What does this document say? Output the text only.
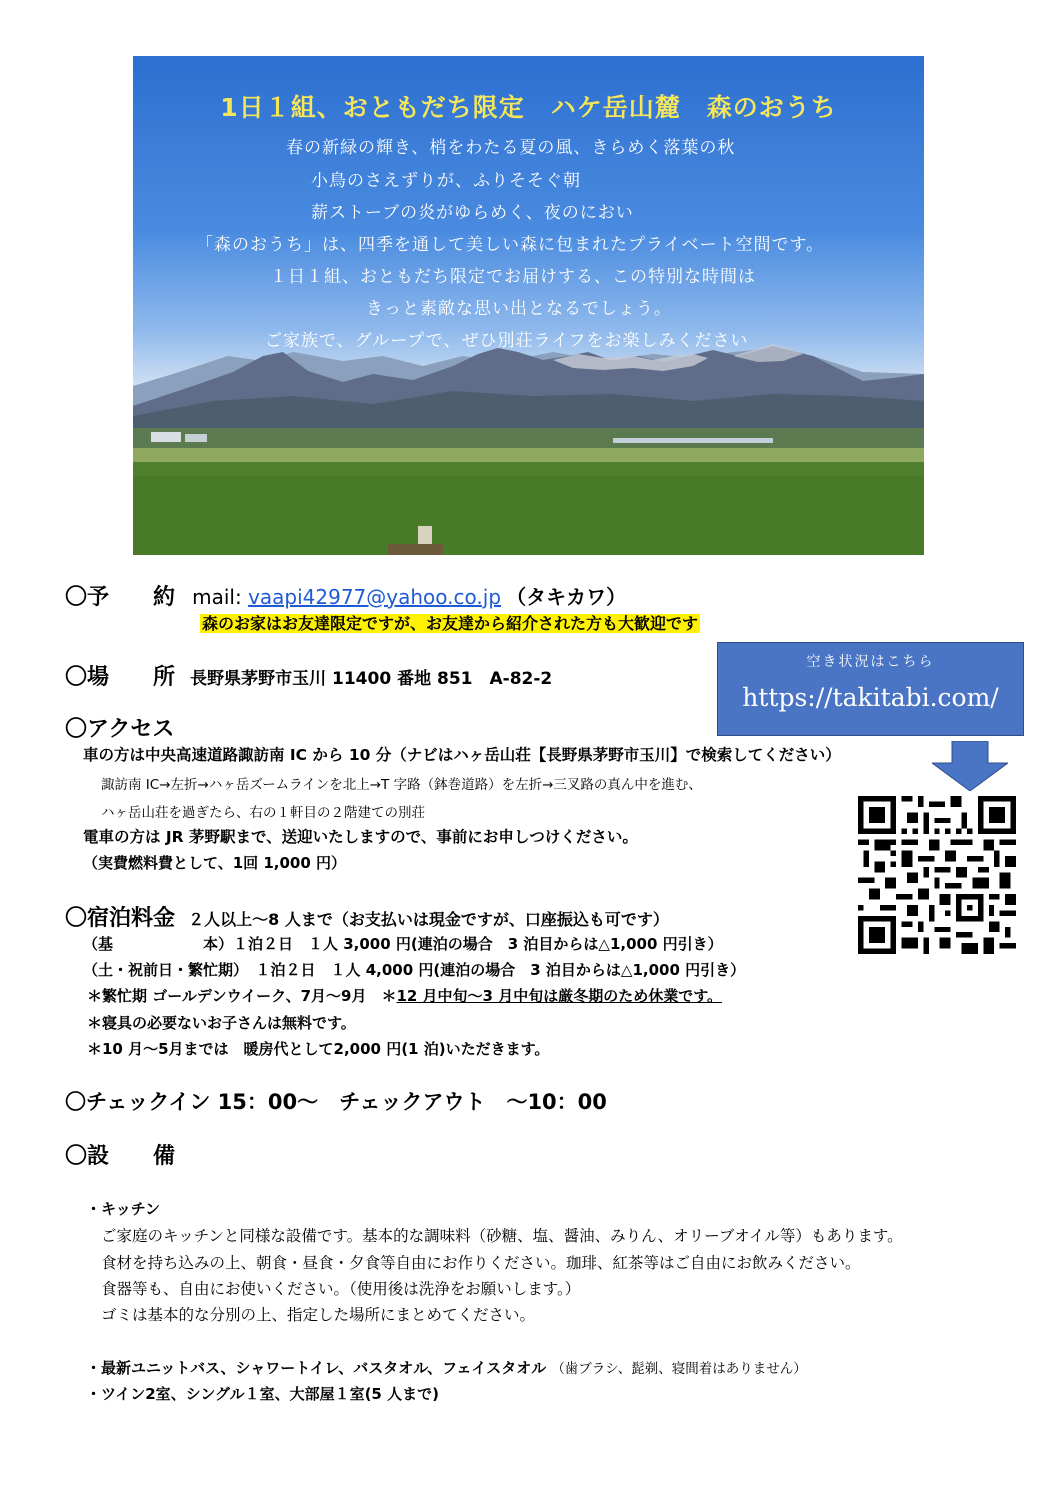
1日１組、おともだち限定　ハケ岳山麓　森のおうち
春の新緑の輝き、梢をわたる夏の風、きらめく落葉の秋
小鳥のさえずりが、ふりそそぐ朝
薪ストーブの炎がゆらめく、夜のにおい
「森のおうち」は、四季を通して美しい森に包まれたプライベート空間です。
１日１組、おともだち限定でお届けする、この特別な時間は
きっと素敵な思い出となるでしょう。
ご家族で、グループで、ぜひ別荘ライフをお楽しみください
〇予　　約 mail: vaapi42977@yahoo.co.jp （タキカワ）
森のお家はお友達限定ですが、お友達から紹介された方も大歓迎です
〇場　　所 長野県茅野市玉川 11400 番地 851　A-82-2
空き状況はこちら
https://takitabi.com/
〇アクセス
車の方は中央高速道路諏訪南 IC から 10 分（ナビはハヶ岳山荘【長野県茅野市玉川】で検索してください）
諏訪南 IC→左折→ハヶ岳ズームラインを北上→T 字路（鉢巻道路）を左折→三叉路の真ん中を進む、
ハヶ岳山荘を過ぎたら、右の１軒目の２階建ての別荘
電車の方は JR 茅野駅まで、送迎いたしますので、事前にお申しつけください。
（実費燃料費として、1回 1,000 円）
〇宿泊料金 ２人以上～8 人まで（お支払いは現金ですが、口座振込も可です）
（基　　　　　　本）１泊２日　１人 3,000 円(連泊の場合　3 泊目からは△1,000 円引き）
（土・祝前日・繁忙期）　１泊２日　１人 4,000 円(連泊の場合　3 泊目からは△1,000 円引き）
＊繁忙期 ゴールデンウイーク、7月～9月　＊12 月中旬～3 月中旬は厳冬期のため休業です。
＊寝具の必要ないお子さんは無料です。
＊10 月～5月までは　暖房代として2,000 円(1 泊)いただきます。
〇チェックイン 15：00～　チェックアウト　～10：00
〇設　　備
・キッチン
ご家庭のキッチンと同様な設備です。基本的な調味料（砂糖、塩、醤油、みりん、オリーブオイル等）もあります。
食材を持ち込みの上、朝食・昼食・夕食等自由にお作りください。珈琲、紅茶等はご自由にお飲みください。
食器等も、自由にお使いください。（使用後は洗浄をお願いします。）
ゴミは基本的な分別の上、指定した場所にまとめてください。
・最新ユニットバス、シャワートイレ、バスタオル、フェイスタオル （歯ブラシ、髭剃、寝間着はありません）
・ツイン2室、シングル１室、大部屋１室(5 人まで)
